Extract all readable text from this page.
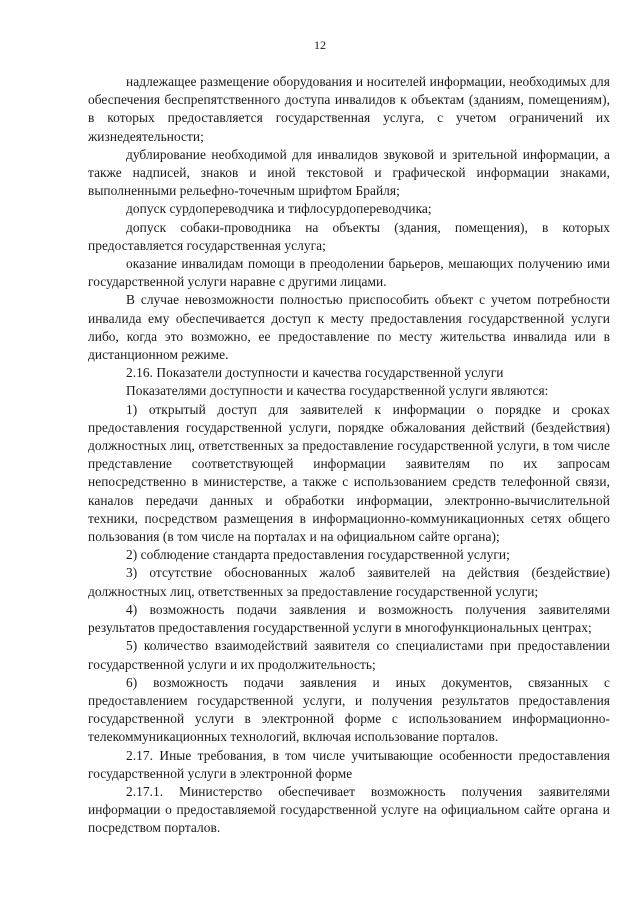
12

надлежащее размещение оборудования и носителей информации, необходимых для обеспечения беспрепятственного доступа инвалидов к объектам (зданиям, помещениям), в которых предоставляется государственная услуга, с учетом ограничений их жизнедеятельности;

дублирование необходимой для инвалидов звуковой и зрительной информации, а также надписей, знаков и иной текстовой и графической информации знаками, выполненными рельефно-точечным шрифтом Брайля;

допуск сурдопереводчика и тифлосурдопереводчика;

допуск собаки-проводника на объекты (здания, помещения), в которых предоставляется государственная услуга;

оказание инвалидам помощи в преодолении барьеров, мешающих получению ими государственной услуги наравне с другими лицами.

В случае невозможности полностью приспособить объект с учетом потребности инвалида ему обеспечивается доступ к месту предоставления государственной услуги либо, когда это возможно, ее предоставление по месту жительства инвалида или в дистанционном режиме.

2.16. Показатели доступности и качества государственной услуги

Показателями доступности и качества государственной услуги являются:

1) открытый доступ для заявителей к информации о порядке и сроках предоставления государственной услуги, порядке обжалования действий (бездействия) должностных лиц, ответственных за предоставление государственной услуги, в том числе представление соответствующей информации заявителям по их запросам непосредственно в министерстве, а также с использованием средств телефонной связи, каналов передачи данных и обработки информации, электронно-вычислительной техники, посредством размещения в информационно-коммуникационных сетях общего пользования (в том числе на порталах и на официальном сайте органа);

2) соблюдение стандарта предоставления государственной услуги;

3) отсутствие обоснованных жалоб заявителей на действия (бездействие) должностных лиц, ответственных за предоставление государственной услуги;

4) возможность подачи заявления и возможность получения заявителями результатов предоставления государственной услуги в многофункциональных центрах;

5) количество взаимодействий заявителя со специалистами при предоставлении государственной услуги и их продолжительность;

6) возможность подачи заявления и иных документов, связанных с предоставлением государственной услуги, и получения результатов предоставления государственной услуги в электронной форме с использованием информационно-телекоммуникационных технологий, включая использование порталов.

2.17. Иные требования, в том числе учитывающие особенности предоставления государственной услуги в электронной форме

2.17.1. Министерство обеспечивает возможность получения заявителями информации о предоставляемой государственной услуге на официальном сайте органа и посредством порталов.
